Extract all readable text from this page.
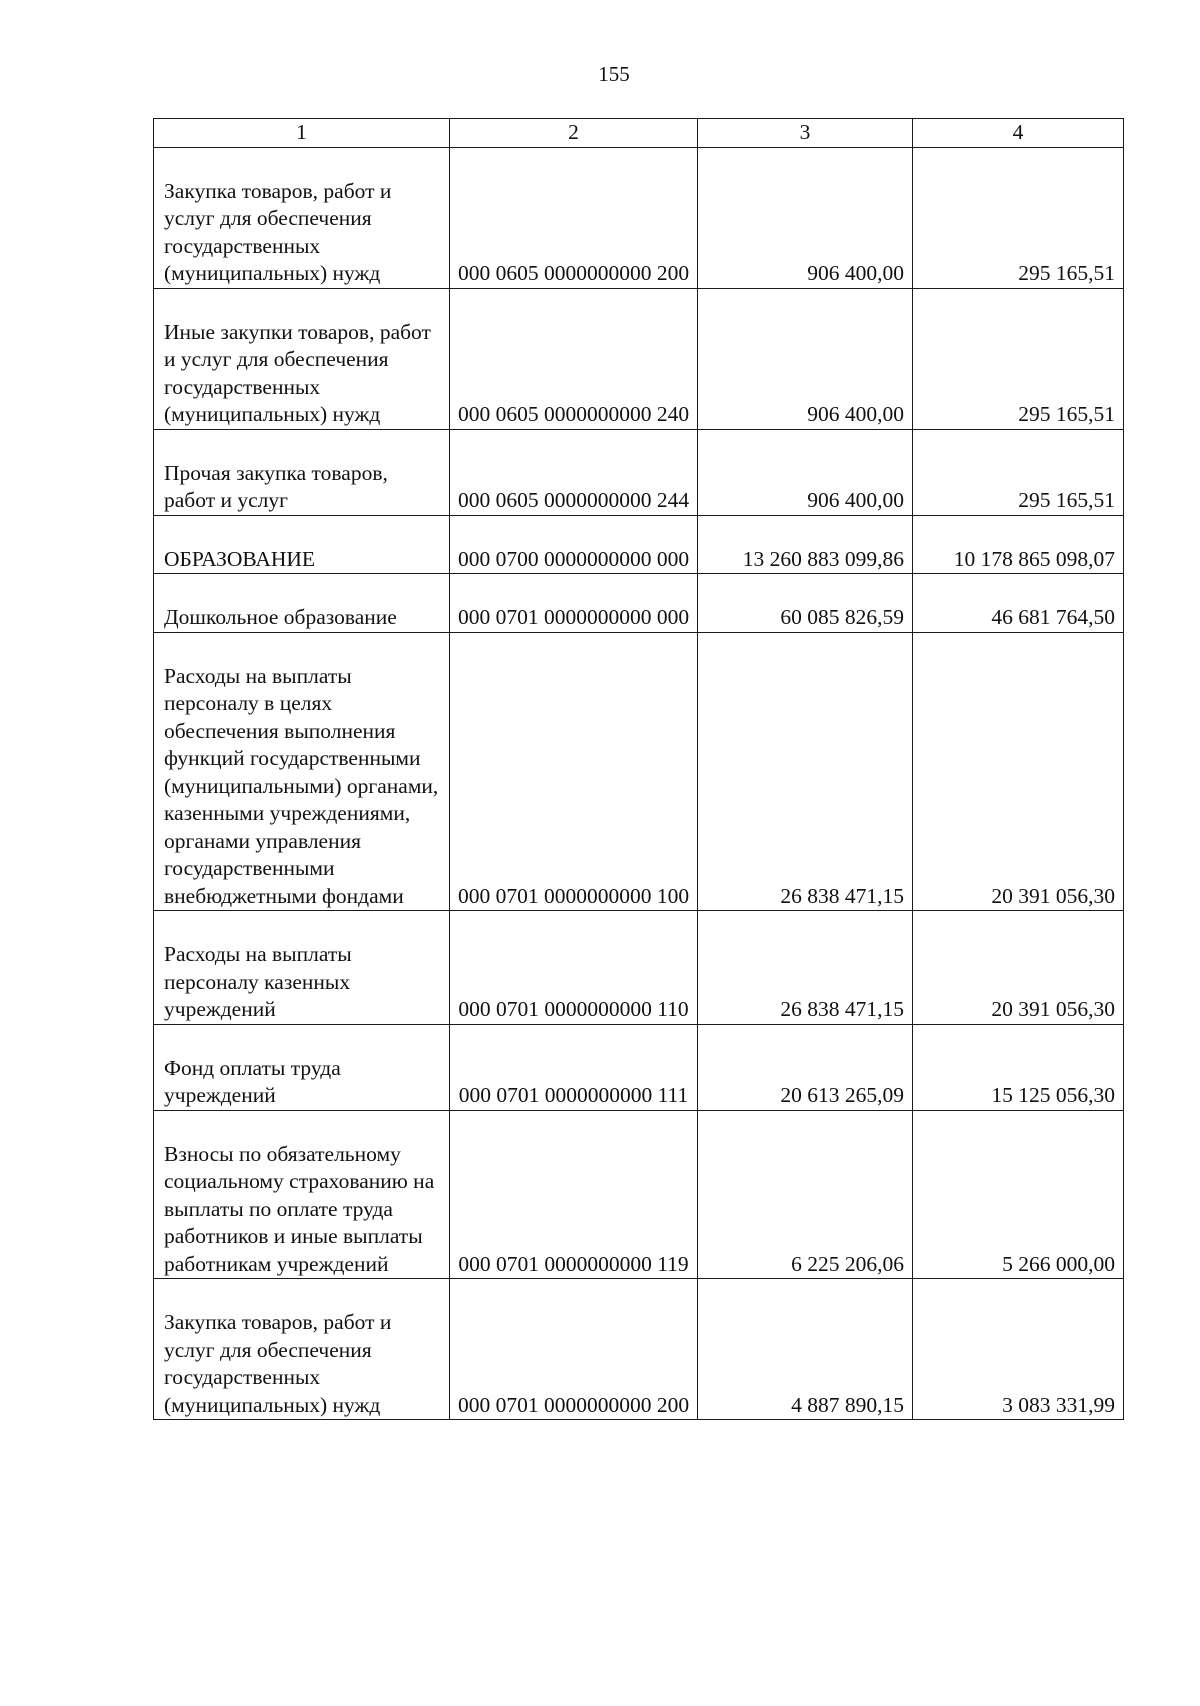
155
1	2	3	4
Закупка товаров, работ и услуг для обеспечения государственных (муниципальных) нужд	000 0605 0000000000 200	906 400,00	295 165,51
Иные закупки товаров, работ и услуг для обеспечения государственных (муниципальных) нужд	000 0605 0000000000 240	906 400,00	295 165,51
Прочая закупка товаров, работ и услуг	000 0605 0000000000 244	906 400,00	295 165,51
ОБРАЗОВАНИЕ	000 0700 0000000000 000	13 260 883 099,86	10 178 865 098,07
Дошкольное образование	000 0701 0000000000 000	60 085 826,59	46 681 764,50
Расходы на выплаты персоналу в целях обеспечения выполнения функций государственными (муниципальными) органами, казенными учреждениями, органами управления государственными внебюджетными фондами	000 0701 0000000000 100	26 838 471,15	20 391 056,30
Расходы на выплаты персоналу казенных учреждений	000 0701 0000000000 110	26 838 471,15	20 391 056,30
Фонд оплаты труда учреждений	000 0701 0000000000 111	20 613 265,09	15 125 056,30
Взносы по обязательному социальному страхованию на выплаты по оплате труда работников и иные выплаты работникам учреждений	000 0701 0000000000 119	6 225 206,06	5 266 000,00
Закупка товаров, работ и услуг для обеспечения государственных (муниципальных) нужд	000 0701 0000000000 200	4 887 890,15	3 083 331,99
